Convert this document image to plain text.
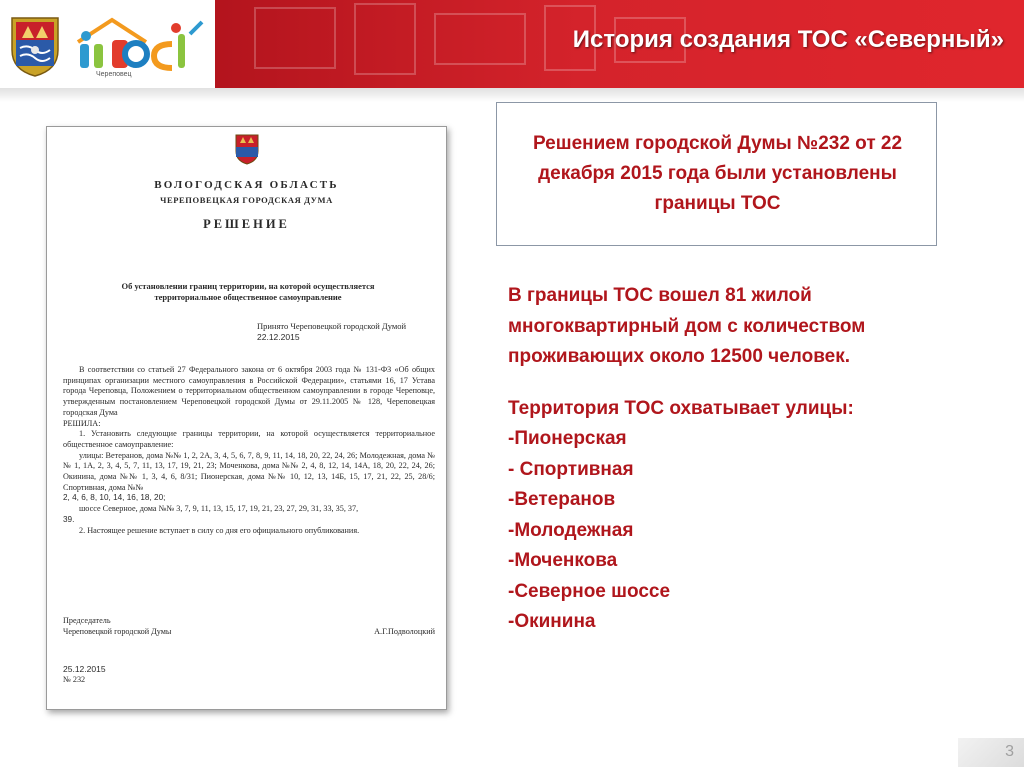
Череповец
История создания ТОС «Северный»
ВОЛОГОДСКАЯ ОБЛАСТЬ
ЧЕРЕПОВЕЦКАЯ ГОРОДСКАЯ ДУМА
РЕШЕНИЕ
Об установлении границ территории, на которой осуществляется территориальное общественное самоуправление
Принято Череповецкой городской Думой
22.12.2015

В соответствии со статьей 27 Федерального закона от 6 октября 2003 года № 131-ФЗ «Об общих принципах организации местного самоуправления в Российской Федерации», статьями 16, 17 Устава города Череповца, Положением о территориальном общественном самоуправлении в городе Череповце, утвержденным постановлением Череповецкой городской Думы от 29.11.2005 № 128, Череповецкая городская Дума

РЕШИЛА:

1. Установить следующие границы территории, на которой осуществляется территориальное общественное самоуправление:

улицы: Ветеранов, дома №№ 1, 2, 2А, 3, 4, 5, 6, 7, 8, 9, 11, 14, 18, 20, 22, 24, 26; Молодежная, дома №№ 1, 1А, 2, 3, 4, 5, 7, 11, 13, 17, 19, 21, 23; Моченкова, дома №№ 2, 4, 8, 12, 14, 14А, 18, 20, 22, 24, 26; Окинина, дома №№ 1, 3, 4, 6, 8/31; Пионерская, дома №№ 10, 12, 13, 14Б, 15, 17, 21, 22, 25, 28/6; Спортивная, дома №№

2, 4, 6, 8, 10, 14, 16, 18, 20;

шоссе Северное, дома №№ 3, 7, 9, 11, 13, 15, 17, 19, 21, 23, 27, 29, 31, 33, 35, 37,

39.

2. Настоящее решение вступает в силу со дня его официального опубликования.

Председатель
Череповецкой городской Думы	А.Г.Подволоцкий
25.12.2015
№ 232

Решением городской Думы №232 от 22 декабря 2015 года были установлены границы ТОС

В границы ТОС вошел 81 жилой многоквартирный дом с количеством проживающих около 12500 человек.

Территория ТОС охватывает улицы:

-Пионерская
- Спортивная
-Ветеранов
-Молодежная
-Моченкова
-Северное шоссе
-Окинина
3
